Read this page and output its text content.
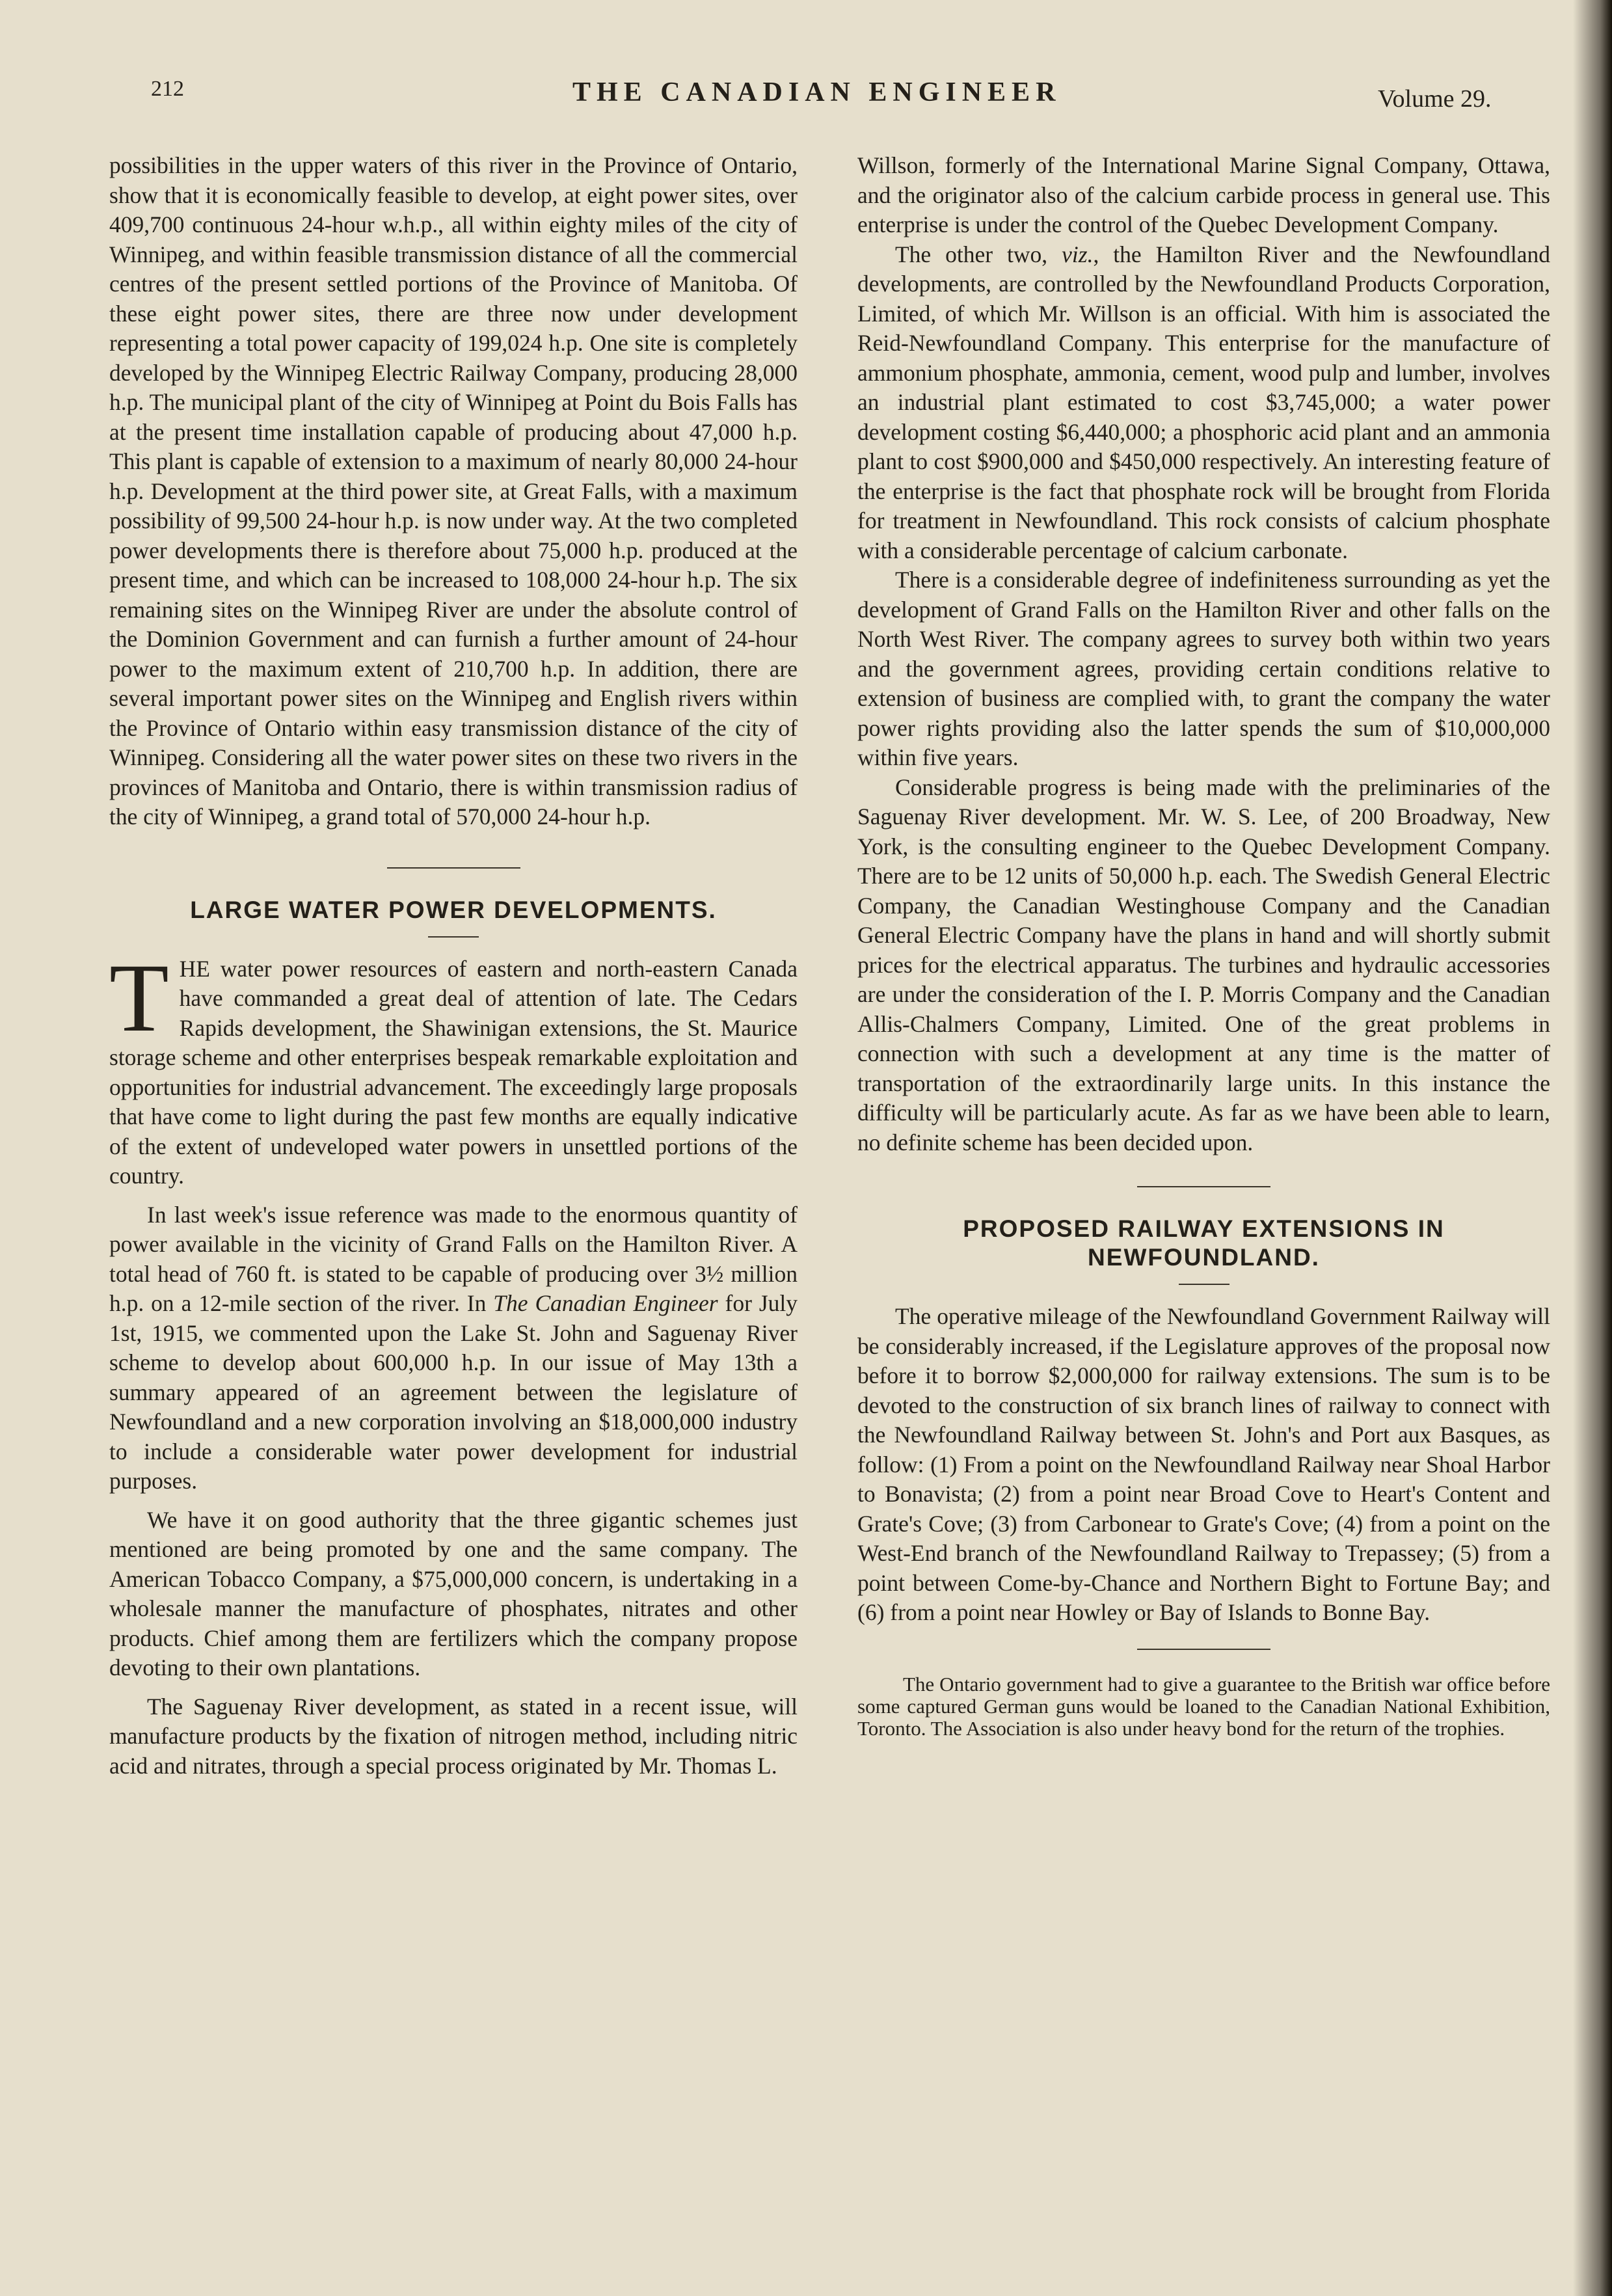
212	THE CANADIAN ENGINEER	Volume 29.

possibilities in the upper waters of this river in the Province of Ontario, show that it is economically feasible to develop, at eight power sites, over 409,700 continuous 24-hour w.h.p., all within eighty miles of the city of Winnipeg, and within feasible transmission distance of all the commercial centres of the present settled portions of the Province of Manitoba. Of these eight power sites, there are three now under development representing a total power capacity of 199,024 h.p. One site is completely developed by the Winnipeg Electric Railway Company, producing 28,000 h.p. The municipal plant of the city of Winnipeg at Point du Bois Falls has at the present time installation capable of producing about 47,000 h.p. This plant is capable of extension to a maximum of nearly 80,000 24-hour h.p. Development at the third power site, at Great Falls, with a maximum possibility of 99,500 24-hour h.p. is now under way. At the two completed power developments there is therefore about 75,000 h.p. produced at the present time, and which can be increased to 108,000 24-hour h.p. The six remaining sites on the Winnipeg River are under the absolute control of the Dominion Government and can furnish a further amount of 24-hour power to the maximum extent of 210,700 h.p. In addition, there are several important power sites on the Winnipeg and English rivers within the Province of Ontario within easy transmission distance of the city of Winnipeg. Considering all the water power sites on these two rivers in the provinces of Manitoba and Ontario, there is within transmission radius of the city of Winnipeg, a grand total of 570,000 24-hour h.p.

LARGE WATER POWER DEVELOPMENTS.

THE water power resources of eastern and north-eastern Canada have commanded a great deal of attention of late. The Cedars Rapids development, the Shawinigan extensions, the St. Maurice storage scheme and other enterprises bespeak remarkable exploitation and opportunities for industrial advancement. The exceedingly large proposals that have come to light during the past few months are equally indicative of the extent of undeveloped water powers in unsettled portions of the country.

In last week's issue reference was made to the enormous quantity of power available in the vicinity of Grand Falls on the Hamilton River. A total head of 760 ft. is stated to be capable of producing over 3½ million h.p. on a 12-mile section of the river. In The Canadian Engineer for July 1st, 1915, we commented upon the Lake St. John and Saguenay River scheme to develop about 600,000 h.p. In our issue of May 13th a summary appeared of an agreement between the legislature of Newfoundland and a new corporation involving an $18,000,000 industry to include a considerable water power development for industrial purposes.

We have it on good authority that the three gigantic schemes just mentioned are being promoted by one and the same company. The American Tobacco Company, a $75,000,000 concern, is undertaking in a wholesale manner the manufacture of phosphates, nitrates and other products. Chief among them are fertilizers which the company propose devoting to their own plantations.

The Saguenay River development, as stated in a recent issue, will manufacture products by the fixation of nitrogen method, including nitric acid and nitrates, through a special process originated by Mr. Thomas L.

Willson, formerly of the International Marine Signal Company, Ottawa, and the originator also of the calcium carbide process in general use. This enterprise is under the control of the Quebec Development Company.

The other two, viz., the Hamilton River and the Newfoundland developments, are controlled by the Newfoundland Products Corporation, Limited, of which Mr. Willson is an official. With him is associated the Reid-Newfoundland Company. This enterprise for the manufacture of ammonium phosphate, ammonia, cement, wood pulp and lumber, involves an industrial plant estimated to cost $3,745,000; a water power development costing $6,440,000; a phosphoric acid plant and an ammonia plant to cost $900,000 and $450,000 respectively. An interesting feature of the enterprise is the fact that phosphate rock will be brought from Florida for treatment in Newfoundland. This rock consists of calcium phosphate with a considerable percentage of calcium carbonate.

There is a considerable degree of indefiniteness surrounding as yet the development of Grand Falls on the Hamilton River and other falls on the North West River. The company agrees to survey both within two years and the government agrees, providing certain conditions relative to extension of business are complied with, to grant the company the water power rights providing also the latter spends the sum of $10,000,000 within five years.

Considerable progress is being made with the preliminaries of the Saguenay River development. Mr. W. S. Lee, of 200 Broadway, New York, is the consulting engineer to the Quebec Development Company. There are to be 12 units of 50,000 h.p. each. The Swedish General Electric Company, the Canadian Westinghouse Company and the Canadian General Electric Company have the plans in hand and will shortly submit prices for the electrical apparatus. The turbines and hydraulic accessories are under the consideration of the I. P. Morris Company and the Canadian Allis-Chalmers Company, Limited. One of the great problems in connection with such a development at any time is the matter of transportation of the extraordinarily large units. In this instance the difficulty will be particularly acute. As far as we have been able to learn, no definite scheme has been decided upon.

PROPOSED RAILWAY EXTENSIONS IN NEWFOUNDLAND.

The operative mileage of the Newfoundland Government Railway will be considerably increased, if the Legislature approves of the proposal now before it to borrow $2,000,000 for railway extensions. The sum is to be devoted to the construction of six branch lines of railway to connect with the Newfoundland Railway between St. John's and Port aux Basques, as follow: (1) From a point on the Newfoundland Railway near Shoal Harbor to Bonavista; (2) from a point near Broad Cove to Heart's Content and Grate's Cove; (3) from Carbonear to Grate's Cove; (4) from a point on the West-End branch of the Newfoundland Railway to Trepassey; (5) from a point between Come-by-Chance and Northern Bight to Fortune Bay; and (6) from a point near Howley or Bay of Islands to Bonne Bay.

The Ontario government had to give a guarantee to the British war office before some captured German guns would be loaned to the Canadian National Exhibition, Toronto. The Association is also under heavy bond for the return of the trophies.
